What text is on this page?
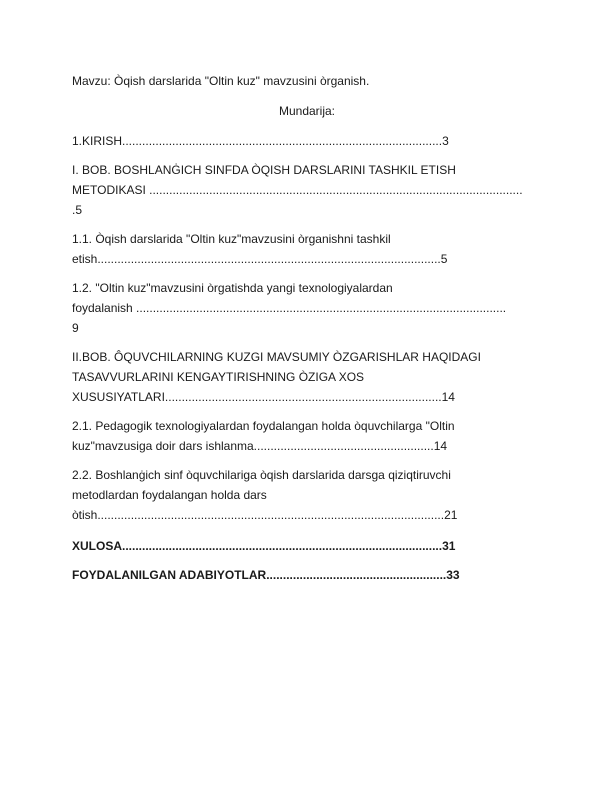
Mavzu: Òqish darslarida "Oltin kuz" mavzusini òrganish.
Mundarija:
1.KIRISH................................................................................................3
I. BOB. BOSHLANĠICH SINFDA ÒQISH DARSLARINI TASHKIL ETISH
METODIKASI ................................................................................................................
.5
1.1. Òqish darslarida "Oltin kuz"mavzusini òrganishni tashkil
etish.......................................................................................................5
1.2. "Oltin kuz"mavzusini òrgatishda yangi texnologiyalardan
foydalanish ...............................................................................................................
9
II.BOB. ÔQUVCHILARNING KUZGI MAVSUMIY ÒZGARISHLAR HAQIDAGI
TASAVVURLARINI KENGAYTIRISHNING ÒZIGA XOS
XUSUSIYATLARI...................................................................................14
2.1. Pedagogik texnologiyalardan foydalangan holda òquvchilarga "Oltin
kuz"mavzusiga doir dars ishlanma......................................................14
2.2. Boshlanġich sinf òquvchilariga òqish darslarida darsga qiziqtiruvchi
metodlardan foydalangan holda dars
òtish........................................................................................................21
XULOSA................................................................................................31
FOYDALANILGAN ADABIYOTLAR......................................................33
